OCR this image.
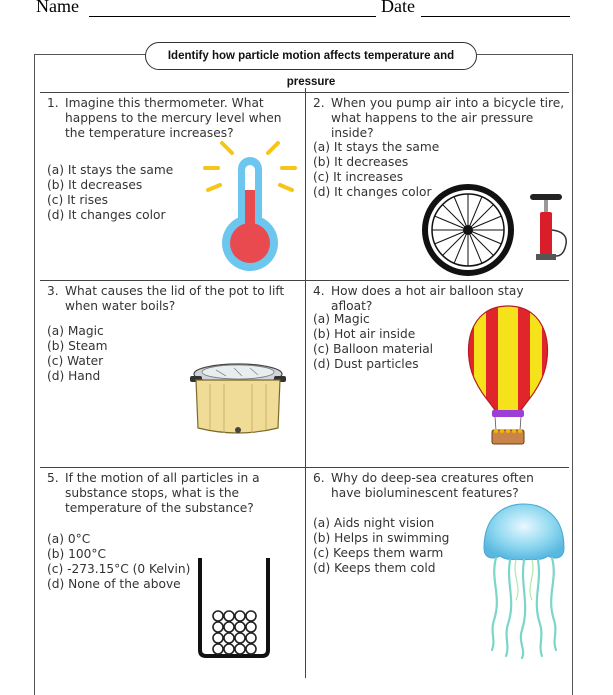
Name	Date
Identify how particle motion affects temperature and pressure
1. Imagine this thermometer. What happens to the mercury level when the temperature increases?
(a) It stays the same
(b) It decreases
(c) It rises
(d) It changes color
2. When you pump air into a bicycle tire, what happens to the air pressure inside?
(a) It stays the same
(b) It decreases
(c) It increases
(d) It changes color
3. What causes the lid of the pot to lift when water boils?
(a) Magic
(b) Steam
(c) Water
(d) Hand
4. How does a hot air balloon stay afloat?
(a) Magic
(b) Hot air inside
(c) Balloon material
(d) Dust particles
5. If the motion of all particles in a substance stops, what is the temperature of the substance?
(a) 0°C
(b) 100°C
(c) -273.15°C (0 Kelvin)
(d) None of the above
6. Why do deep-sea creatures often have bioluminescent features?
(a) Aids night vision
(b) Helps in swimming
(c) Keeps them warm
(d) Keeps them cold
